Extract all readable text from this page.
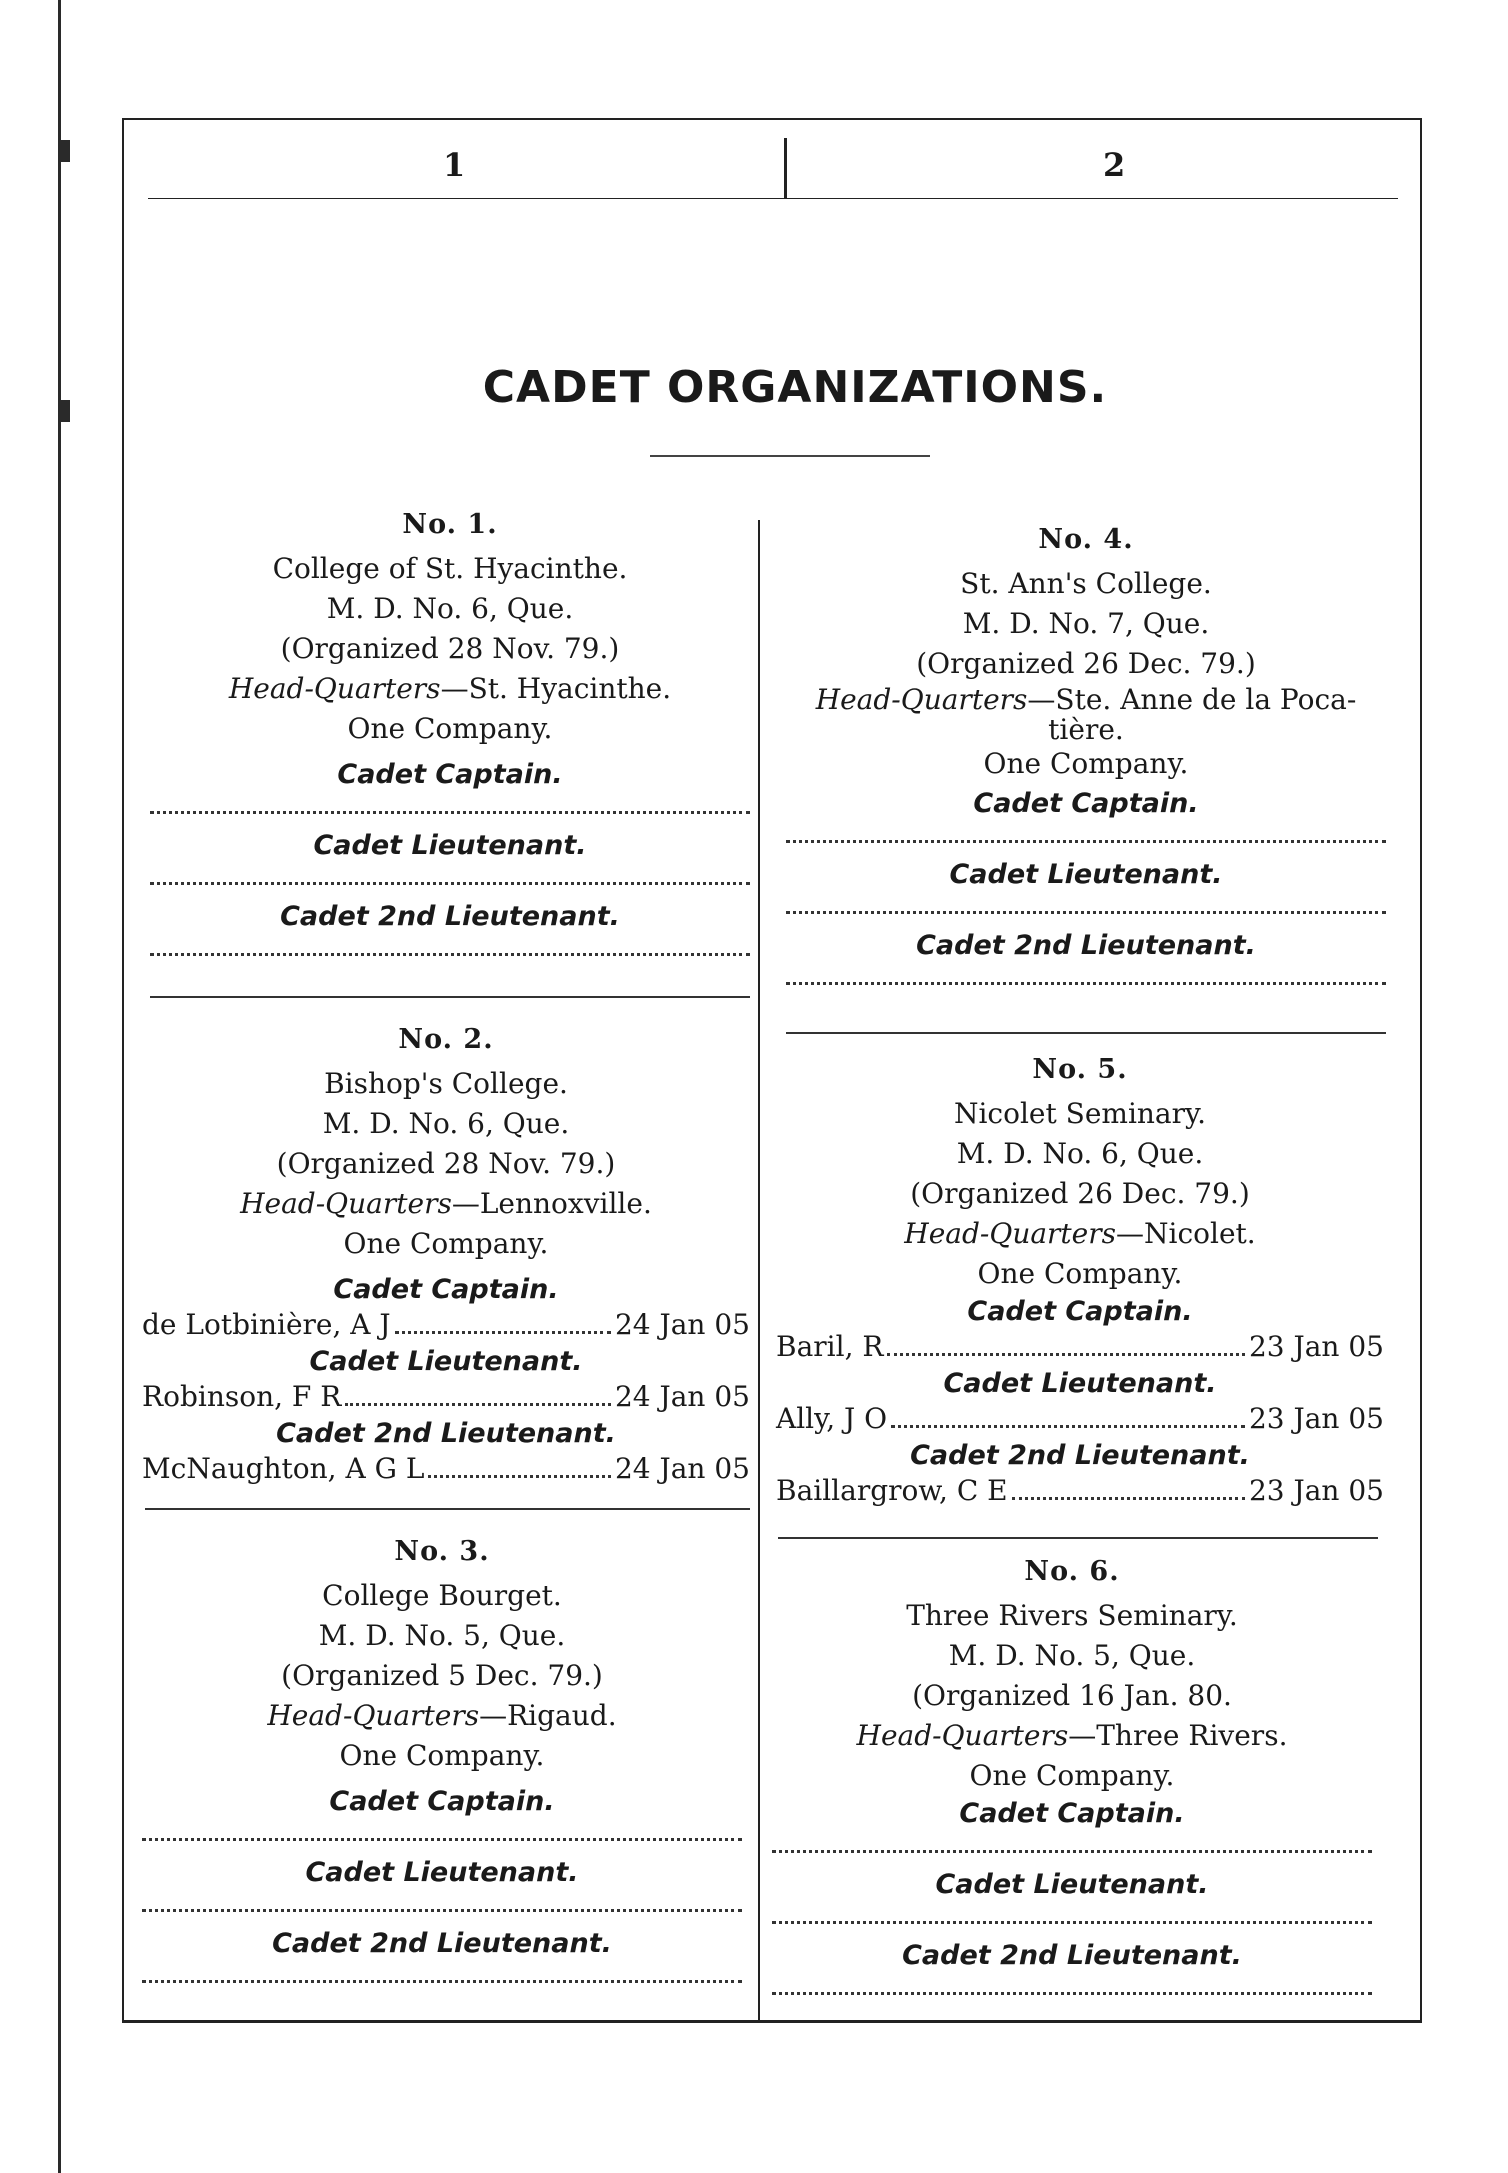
1	2
CADET ORGANIZATIONS.
No. 1.
College of St. Hyacinthe.
M. D. No. 6, Que.
(Organized 28 Nov. 79.)
Head-Quarters—St. Hyacinthe.
One Company.
Cadet Captain.
Cadet Lieutenant.
Cadet 2nd Lieutenant.
No. 2.
Bishop's College.
M. D. No. 6, Que.
(Organized 28 Nov. 79.)
Head-Quarters—Lennoxville.
One Company.
Cadet Captain.
de Lotbinière, A J	24 Jan 05
Cadet Lieutenant.
Robinson, F R	24 Jan 05
Cadet 2nd Lieutenant.
McNaughton, A G L	24 Jan 05
No. 3.
College Bourget.
M. D. No. 5, Que.
(Organized 5 Dec. 79.)
Head-Quarters—Rigaud.
One Company.
Cadet Captain.
Cadet Lieutenant.
Cadet 2nd Lieutenant.
No. 4.
St. Ann's College.
M. D. No. 7, Que.
(Organized 26 Dec. 79.)
Head-Quarters—Ste. Anne de la Poca-
tière.
One Company.
Cadet Captain.
Cadet Lieutenant.
Cadet 2nd Lieutenant.
No. 5.
Nicolet Seminary.
M. D. No. 6, Que.
(Organized 26 Dec. 79.)
Head-Quarters—Nicolet.
One Company.
Cadet Captain.
Baril, R	23 Jan 05
Cadet Lieutenant.
Ally, J O	23 Jan 05
Cadet 2nd Lieutenant.
Baillargrow, C E	23 Jan 05
No. 6.
Three Rivers Seminary.
M. D. No. 5, Que.
(Organized 16 Jan. 80.
Head-Quarters—Three Rivers.
One Company.
Cadet Captain.
Cadet Lieutenant.
Cadet 2nd Lieutenant.
